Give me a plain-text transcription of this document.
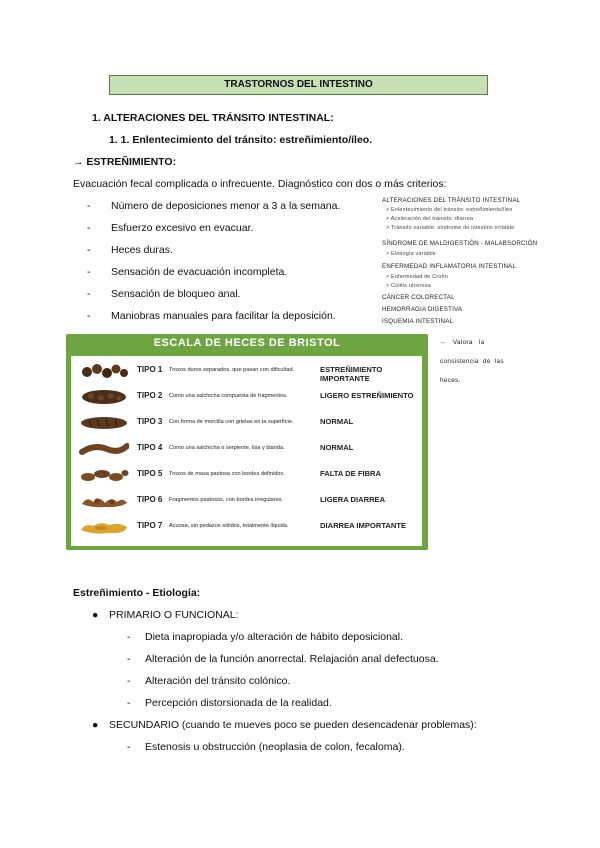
TRASTORNOS DEL INTESTINO
1. ALTERACIONES DEL TRÁNSITO INTESTINAL:
1. 1. Enlentecimiento del tránsito: estreñimiento/íleo.
→ ESTREÑIMIENTO:
Evacuación fecal complicada o infrecuente. Diagnóstico con dos o más criterios:
- Número de deposiciones menor a 3 a la semana.
- Esfuerzo excesivo en evacuar.
- Heces duras.
- Sensación de evacuación incompleta.
- Sensación de bloqueo anal.
- Maniobras manuales para facilitar la deposición.
ALTERACIONES DEL TRÁNSITO INTESTINAL
> Enlentecimiento del tránsito: estreñimiento/íleo
> Aceleración del tránsito: diarrea
> Tránsito variable: síndrome de intestino irritable
SÍNDROME DE MALDIGESTIÓN - MALABSORCIÓN
> Etiología variable
ENFERMEDAD INFLAMATORIA INTESTINAL
> Enfermedad de Crohn
> Colitis ulcerosa
CÁNCER COLORECTAL
HEMORRAGIA DIGESTIVA
ISQUEMIA INTESTINAL
ESCALA DE HECES DE BRISTOL
TIPO 1 Trozos duros separados, que pasan con dificultad.	ESTREÑIMIENTO IMPORTANTE
TIPO 2 Como una salchicha compuesta de fragmentos.	LIGERO ESTREÑIMIENTO
TIPO 3 Con forma de morcilla con grietas en la superficie.	NORMAL
TIPO 4 Como una salchicha o serpiente, lisa y blanda.	NORMAL
TIPO 5 Trozos de masa pastosa con bordes definidos.	FALTA DE FIBRA
TIPO 6 Fragmentos pastosos, con bordes irregulares.	LIGERA DIARREA
TIPO 7 Acuosa, sin pedazos sólidos, totalmente líquida.	DIARREA IMPORTANTE
←   Valora   la
consistencia  de  las
heces.
Estreñimiento - Etiología:
● PRIMARIO O FUNCIONAL:
- Dieta inapropiada y/o alteración de hábito deposicional.
- Alteración de la función anorrectal. Relajación anal defectuosa.
- Alteración del tránsito colónico.
- Percepción distorsionada de la realidad.
● SECUNDARIO (cuando te mueves poco se pueden desencadenar problemas):
- Estenosis u obstrucción (neoplasia de colon, fecaloma).
